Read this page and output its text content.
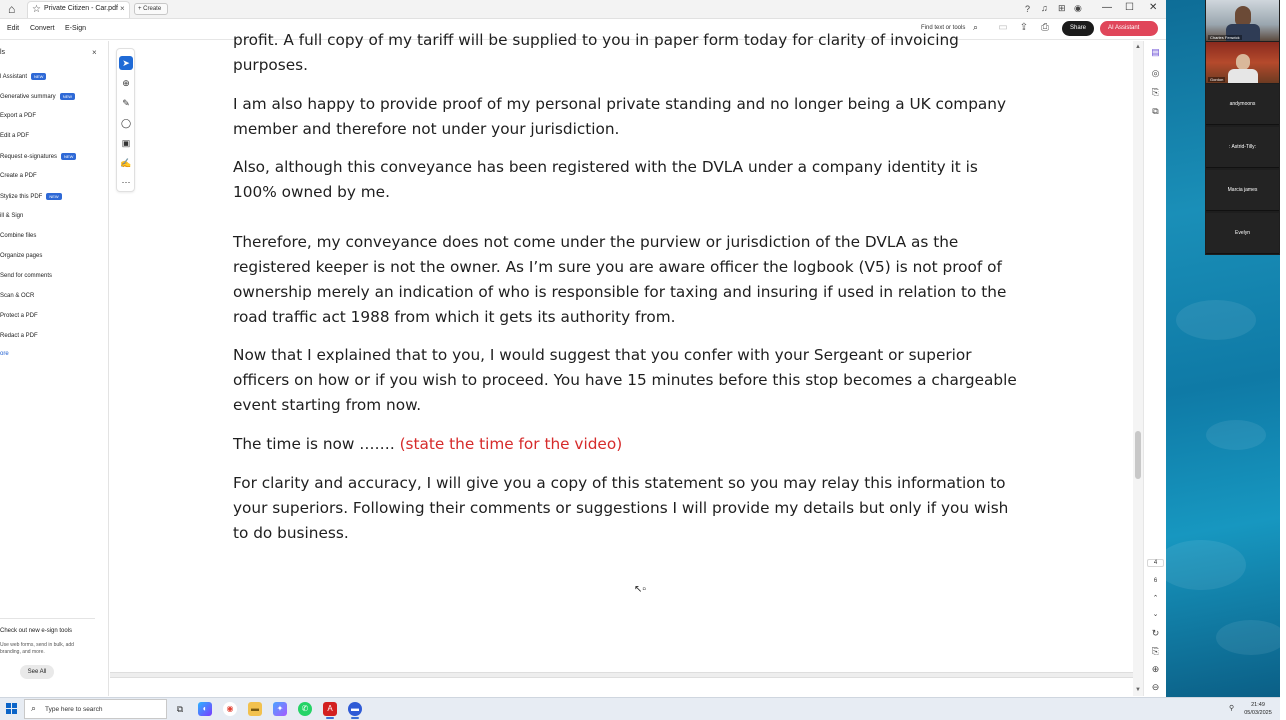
⌂	☆ Private Citizen - Car.pdf ×	+ Create	— ☐ ✕
Edit Convert E-Sign	Find text or tools ⌕ ▭ ⇪ ⎙	Share	AI Assistant
? ♫ ⊞ ◉
ls	×
l Assistant NEW
Generative summary NEW
Export a PDF
Edit a PDF
Request e-signatures NEW
Create a PDF
Stylize this PDF NEW
ill & Sign
Combine files
Organize pages
Send for comments
Scan & OCR
Protect a PDF
Redact a PDF
ore
Check out new e-sign tools
Use web forms, send in bulk, add branding, and more.
See All
profit. A full copy of my tariff will be supplied to you in paper form today for clarity of invoicing purposes.
I am also happy to provide proof of my personal private standing and no longer being a UK company member and therefore not under your jurisdiction.
Also, although this conveyance has been registered with the DVLA under a company identity it is 100% owned by me.
Therefore, my conveyance does not come under the purview or jurisdiction of the DVLA as the registered keeper is not the owner. As I’m sure you are aware officer the logbook (V5) is not proof of ownership merely an indication of who is responsible for taxing and insuring if used in relation to the road traffic act 1988 from which it gets its authority from.
Now that I explained that to you, I would suggest that you confer with your Sergeant or superior officers on how or if you wish to proceed. You have 15 minutes before this stop becomes a chargeable event starting from now.
The time is now ……. (state the time for the video)
For clarity and accuracy, I will give you a copy of this statement so you may relay this information to your superiors. Following their comments or suggestions I will provide my details but only if you wish to do business.
↖▫
➤
⊕
✎
◯
▣
✍
⋯
▲
▼
▤
◎
⎘
⧉
4
6
⌃
⌄
↻
⎘
⊕
⊖
Charles Fenwick
Gordon
andymoons
: Astrid-Tilly:
Marcia james
Evelyn
⌕ Type here to search	⧉	◐	◉	▬	✦	✆	A	▬	⚲	21:49
05/03/2025
